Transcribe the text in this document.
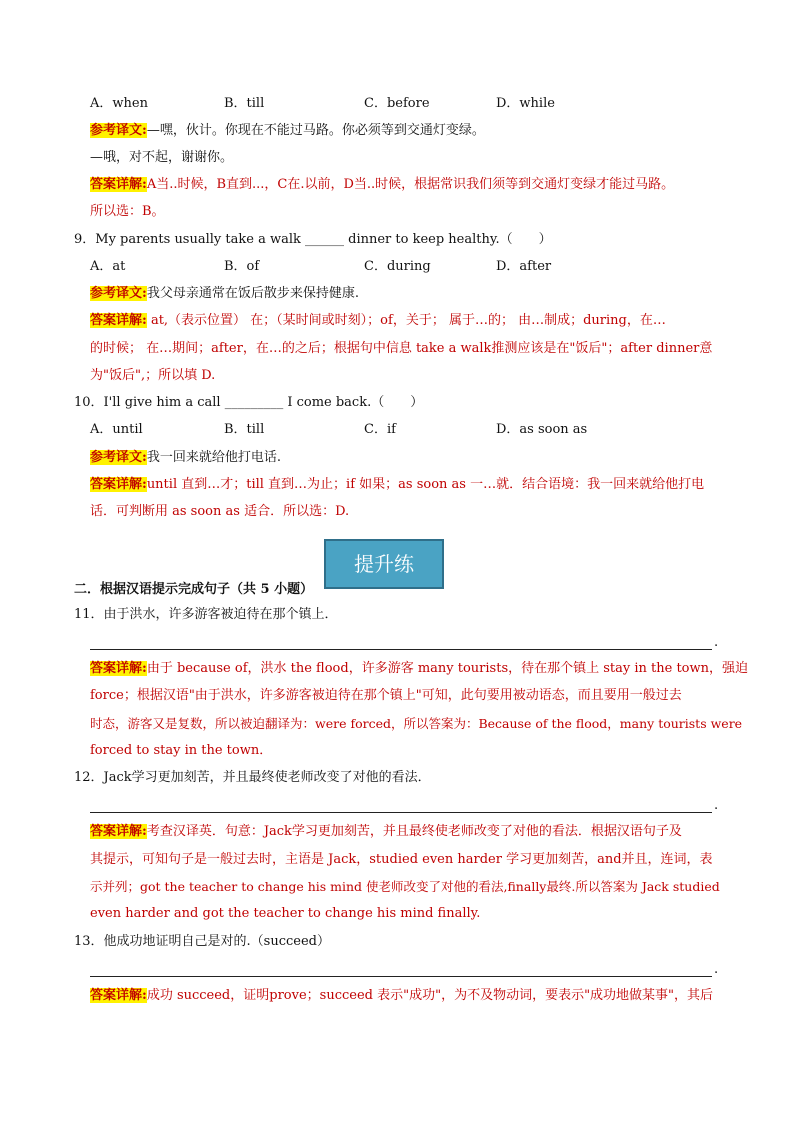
A．when	B．till	C．before	D．while
参考译文:—嘿，伙计。你现在不能过马路。你必须等到交通灯变绿。
—哦，对不起，谢谢你。
答案详解:A当..时候，B直到...，C在.以前，D当..时候，根据常识我们须等到交通灯变绿才能过马路。
所以选：B。
9．My parents usually take a walk ______ dinner to keep healthy.（　　）
A．at	B．of	C．during	D．after
参考译文:我父母亲通常在饭后散步来保持健康.
答案详解: at,（表示位置） 在；（某时间或时刻）；of，关于； 属于…的； 由…制成；during，在…
的时候； 在…期间；after，在…的之后；根据句中信息 take a walk推测应该是在"饭后"；after dinner意
为"饭后",；所以填 D.
10．I'll give him a call _________ I come back.（　　）
A．until	B．till	C．if	D．as soon as
参考译文:我一回来就给他打电话.
答案详解:until 直到…才；till 直到…为止；if 如果；as soon as 一…就．结合语境：我一回来就给他打电
话．可判断用 as soon as 适合．所以选：D.
提升练
二．根据汉语提示完成句子（共 5 小题）
11．由于洪水，许多游客被迫待在那个镇上．
.
答案详解:由于 because of，洪水 the flood，许多游客 many tourists，待在那个镇上 stay in the town，强迫
force；根据汉语"由于洪水，许多游客被迫待在那个镇上"可知，此句要用被动语态，而且要用一般过去
时态，游客又是复数，所以被迫翻译为：were forced，所以答案为：Because of the flood，many tourists were
forced to stay in the town．
12．Jack学习更加刻苦，并且最终使老师改变了对他的看法．
.
答案详解:考查汉译英．句意：Jack学习更加刻苦，并且最终使老师改变了对他的看法．根据汉语句子及
其提示，可知句子是一般过去时，主语是 Jack，studied even harder 学习更加刻苦，and并且，连词，表
示并列；got the teacher to change his mind 使老师改变了对他的看法,finally最终.所以答案为 Jack studied
even harder and got the teacher to change his mind finally.
13．他成功地证明自己是对的.（succeed）
.
答案详解:成功 succeed，证明prove；succeed 表示"成功"，为不及物动词，要表示"成功地做某事"，其后
